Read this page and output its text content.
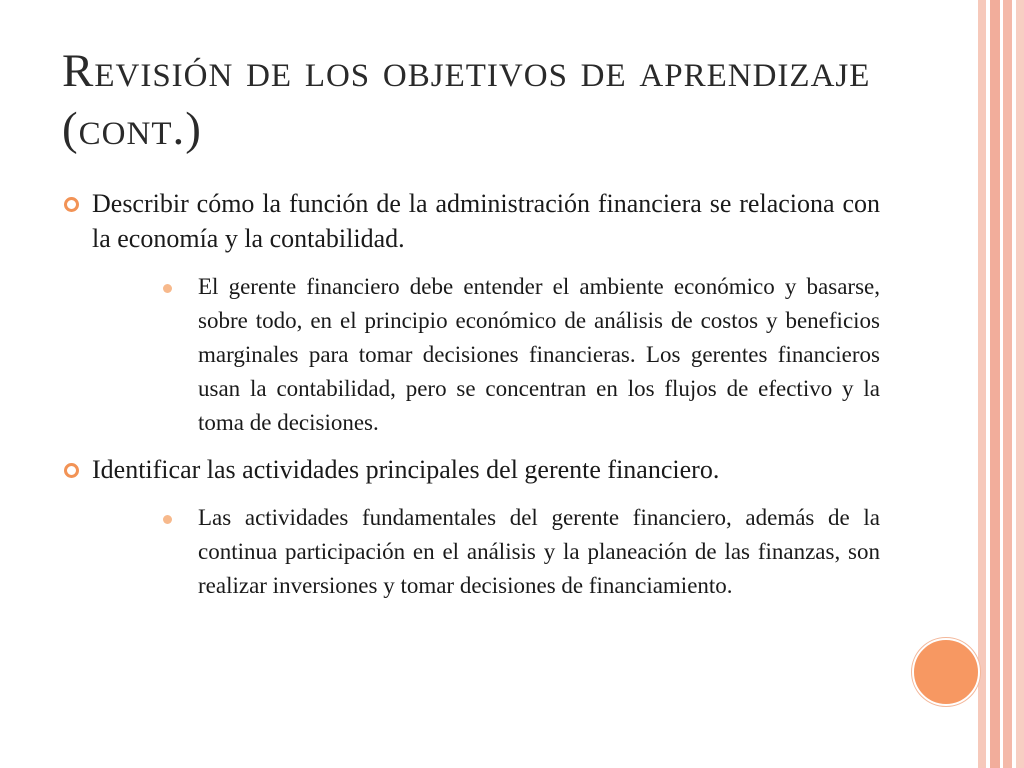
Revisión de los objetivos de aprendizaje (cont.)
Describir cómo la función de la administración financiera se relaciona con la economía y la contabilidad.
El gerente financiero debe entender el ambiente económico y basarse, sobre todo, en el principio económico de análisis de costos y beneficios marginales para tomar decisiones financieras. Los gerentes financieros usan la contabilidad, pero se concentran en los flujos de efectivo y la toma de decisiones.
Identificar las actividades principales del gerente financiero.
Las actividades fundamentales del gerente financiero, además de la continua participación en el análisis y la planeación de las finanzas, son realizar inversiones y tomar decisiones de financiamiento.
